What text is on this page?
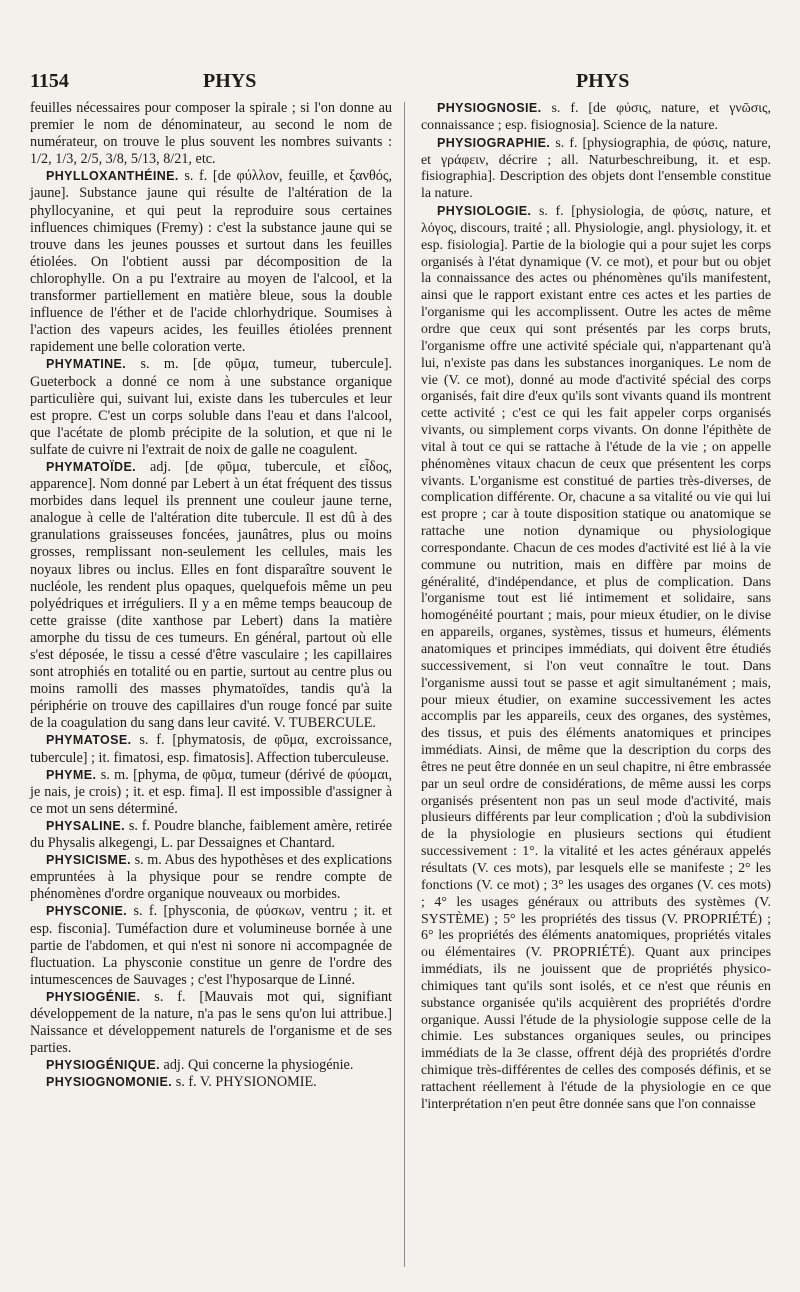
1154	PHYS	PHYS

feuilles nécessaires pour composer la spirale ; si l'on donne au premier le nom de dénominateur, au second le nom de numérateur, on trouve le plus souvent les nombres suivants : 1/2, 1/3, 2/5, 3/8, 5/13, 8/21, etc.

PHYLLOXANTHÉINE. s. f. [de φύλλον, feuille, et ξανθός, jaune]. Substance jaune qui résulte de l'altération de la phyllocyanine, et qui peut la reproduire sous certaines influences chimiques (Fremy) : c'est la substance jaune qui se trouve dans les jeunes pousses et surtout dans les feuilles étiolées. On l'obtient aussi par décomposition de la chlorophylle. On a pu l'extraire au moyen de l'alcool, et la transformer partiellement en matière bleue, sous la double influence de l'éther et de l'acide chlorhydrique. Soumises à l'action des vapeurs acides, les feuilles étiolées prennent rapidement une belle coloration verte.

PHYMATINE. s. m. [de φῦμα, tumeur, tubercule]. Gueterbock a donné ce nom à une substance organique particulière qui, suivant lui, existe dans les tubercules et leur est propre. C'est un corps soluble dans l'eau et dans l'alcool, que l'acétate de plomb précipite de la solution, et que ni le sulfate de cuivre ni l'extrait de noix de galle ne coagulent.

PHYMATOÏDE. adj. [de φῦμα, tubercule, et εἶδος, apparence]. Nom donné par Lebert à un état fréquent des tissus morbides dans lequel ils prennent une couleur jaune terne, analogue à celle de l'altération dite tubercule. Il est dû à des granulations graisseuses foncées, jaunâtres, plus ou moins grosses, remplissant non-seulement les cellules, mais les noyaux libres ou inclus. Elles en font disparaître souvent le nucléole, les rendent plus opaques, quelquefois même un peu polyédriques et irréguliers. Il y a en même temps beaucoup de cette graisse (dite xanthose par Lebert) dans la matière amorphe du tissu de ces tumeurs. En général, partout où elle s'est déposée, le tissu a cessé d'être vasculaire ; les capillaires sont atrophiés en totalité ou en partie, surtout au centre plus ou moins ramolli des masses phymatoïdes, tandis qu'à la périphérie on trouve des capillaires d'un rouge foncé par suite de la coagulation du sang dans leur cavité. V. TUBERCULE.

PHYMATOSE. s. f. [phymatosis, de φῦμα, excroissance, tubercule] ; it. fimatosi, esp. fimatosis]. Affection tuberculeuse.

PHYME. s. m. [phyma, de φῦμα, tumeur (dérivé de φύομαι, je nais, je crois) ; it. et esp. fima]. Il est impossible d'assigner à ce mot un sens déterminé.

PHYSALINE. s. f. Poudre blanche, faiblement amère, retirée du Physalis alkegengi, L. par Dessaignes et Chantard.

PHYSICISME. s. m. Abus des hypothèses et des explications empruntées à la physique pour se rendre compte de phénomènes d'ordre organique nouveaux ou morbides.

PHYSCONIE. s. f. [physconia, de φύσκων, ventru ; it. et esp. fisconia]. Tuméfaction dure et volumineuse bornée à une partie de l'abdomen, et qui n'est ni sonore ni accompagnée de fluctuation. La physconie constitue un genre de l'ordre des intumescences de Sauvages ; c'est l'hyposarque de Linné.

PHYSIOGÉNIE. s. f. [Mauvais mot qui, signifiant développement de la nature, n'a pas le sens qu'on lui attribue.] Naissance et développement naturels de l'organisme et de ses parties.

PHYSIOGÉNIQUE. adj. Qui concerne la physiogénie.

PHYSIOGNOMONIE. s. f. V. PHYSIONOMIE.

PHYSIOGNOSIE. s. f. [de φύσις, nature, et γνῶσις, connaissance ; esp. fisiognosia]. Science de la nature.

PHYSIOGRAPHIE. s. f. [physiographia, de φύσις, nature, et γράφειν, décrire ; all. Naturbeschreibung, it. et esp. fisiographia]. Description des objets dont l'ensemble constitue la nature.

PHYSIOLOGIE. s. f. [physiologia, de φύσις, nature, et λόγος, discours, traité ; all. Physiologie, angl. physiology, it. et esp. fisiologia]. Partie de la biologie qui a pour sujet les corps organisés à l'état dynamique (V. ce mot), et pour but ou objet la connaissance des actes ou phénomènes qu'ils manifestent, ainsi que le rapport existant entre ces actes et les parties de l'organisme qui les accomplissent. Outre les actes de même ordre que ceux qui sont présentés par les corps bruts, l'organisme offre une activité spéciale qui, n'appartenant qu'à lui, n'existe pas dans les substances inorganiques. Le nom de vie (V. ce mot), donné au mode d'activité spécial des corps organisés, fait dire d'eux qu'ils sont vivants quand ils montrent cette activité ; c'est ce qui les fait appeler corps organisés vivants, ou simplement corps vivants. On donne l'épithète de vital à tout ce qui se rattache à l'étude de la vie ; on appelle phénomènes vitaux chacun de ceux que présentent les corps vivants. L'organisme est constitué de parties très-diverses, de complication différente. Or, chacune a sa vitalité ou vie qui lui est propre ; car à toute disposition statique ou anatomique se rattache une notion dynamique ou physiologique correspondante. Chacun de ces modes d'activité est lié à la vie commune ou nutrition, mais en diffère par moins de généralité, d'indépendance, et plus de complication. Dans l'organisme tout est lié intimement et solidaire, sans homogénéité pourtant ; mais, pour mieux étudier, on le divise en appareils, organes, systèmes, tissus et humeurs, éléments anatomiques et principes immédiats, qui doivent être étudiés successivement, si l'on veut connaître le tout. Dans l'organisme aussi tout se passe et agit simultanément ; mais, pour mieux étudier, on examine successivement les actes accomplis par les appareils, ceux des organes, des systèmes, des tissus, et puis des éléments anatomiques et principes immédiats. Ainsi, de même que la description du corps des êtres ne peut être donnée en un seul chapitre, ni être embrassée par un seul ordre de considérations, de même aussi les corps organisés présentent non pas un seul mode d'activité, mais plusieurs différents par leur complication ; d'où la subdivision de la physiologie en plusieurs sections qui étudient successivement : 1°. la vitalité et les actes généraux appelés résultats (V. ces mots), par lesquels elle se manifeste ; 2° les fonctions (V. ce mot) ; 3° les usages des organes (V. ces mots) ; 4° les usages généraux ou attributs des systèmes (V. SYSTÈME) ; 5° les propriétés des tissus (V. PROPRIÉTÉ) ; 6° les propriétés des éléments anatomiques, propriétés vitales ou élémentaires (V. PROPRIÉTÉ). Quant aux principes immédiats, ils ne jouissent que de propriétés physico-chimiques tant qu'ils sont isolés, et ce n'est que réunis en substance organisée qu'ils acquièrent des propriétés d'ordre organique. Aussi l'étude de la physiologie suppose celle de la chimie. Les substances organiques seules, ou principes immédiats de la 3e classe, offrent déjà des propriétés d'ordre chimique très-différentes de celles des composés définis, et se rattachent réellement à l'étude de la physiologie en ce que l'interprétation n'en peut être donnée sans que l'on connaisse
